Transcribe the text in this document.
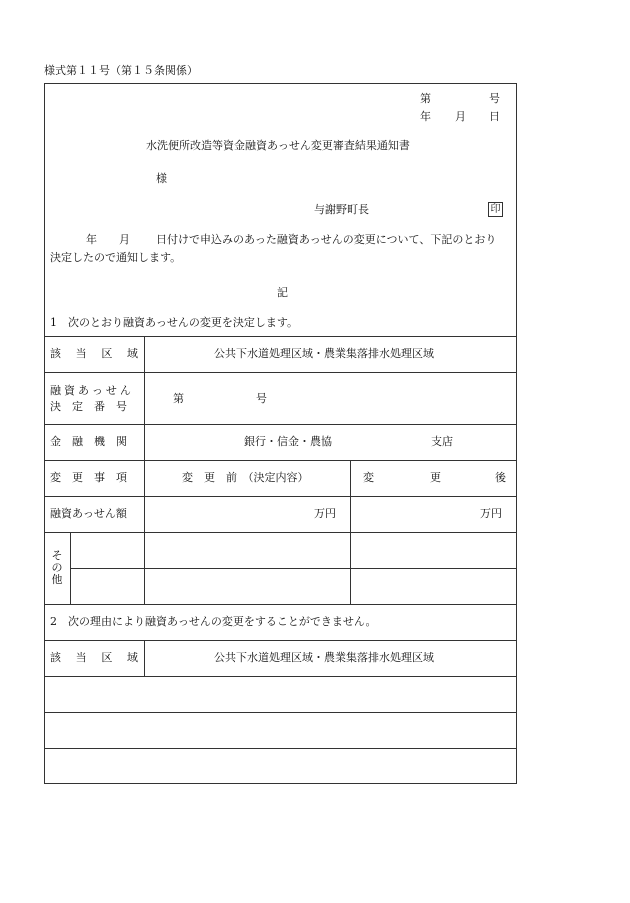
様式第１１号（第１５条関係）
第	号
年 月 日
水洗便所改造等資金融資あっせん変更審査結果通知書
様
与謝野町長	印
年 月 日付けで申込みのあった融資あっせんの変更について、下記のとおり
決定したので通知します。
記
1　次のとおり融資あっせんの変更を決定します。
該 当 区 域	公共下水道処理区域・農業集落排水処理区域
融資あっせん
決　定　番　号
第	号
金　融　機　関	銀行・信金・農協	支店
変　更　事　項	変　更　前　（決定内容）	変	更	後
融資あっせん額	万円	万円
そ
の
他
2　次の理由により融資あっせんの変更をすることができません。
該 当 区 域	公共下水道処理区域・農業集落排水処理区域
